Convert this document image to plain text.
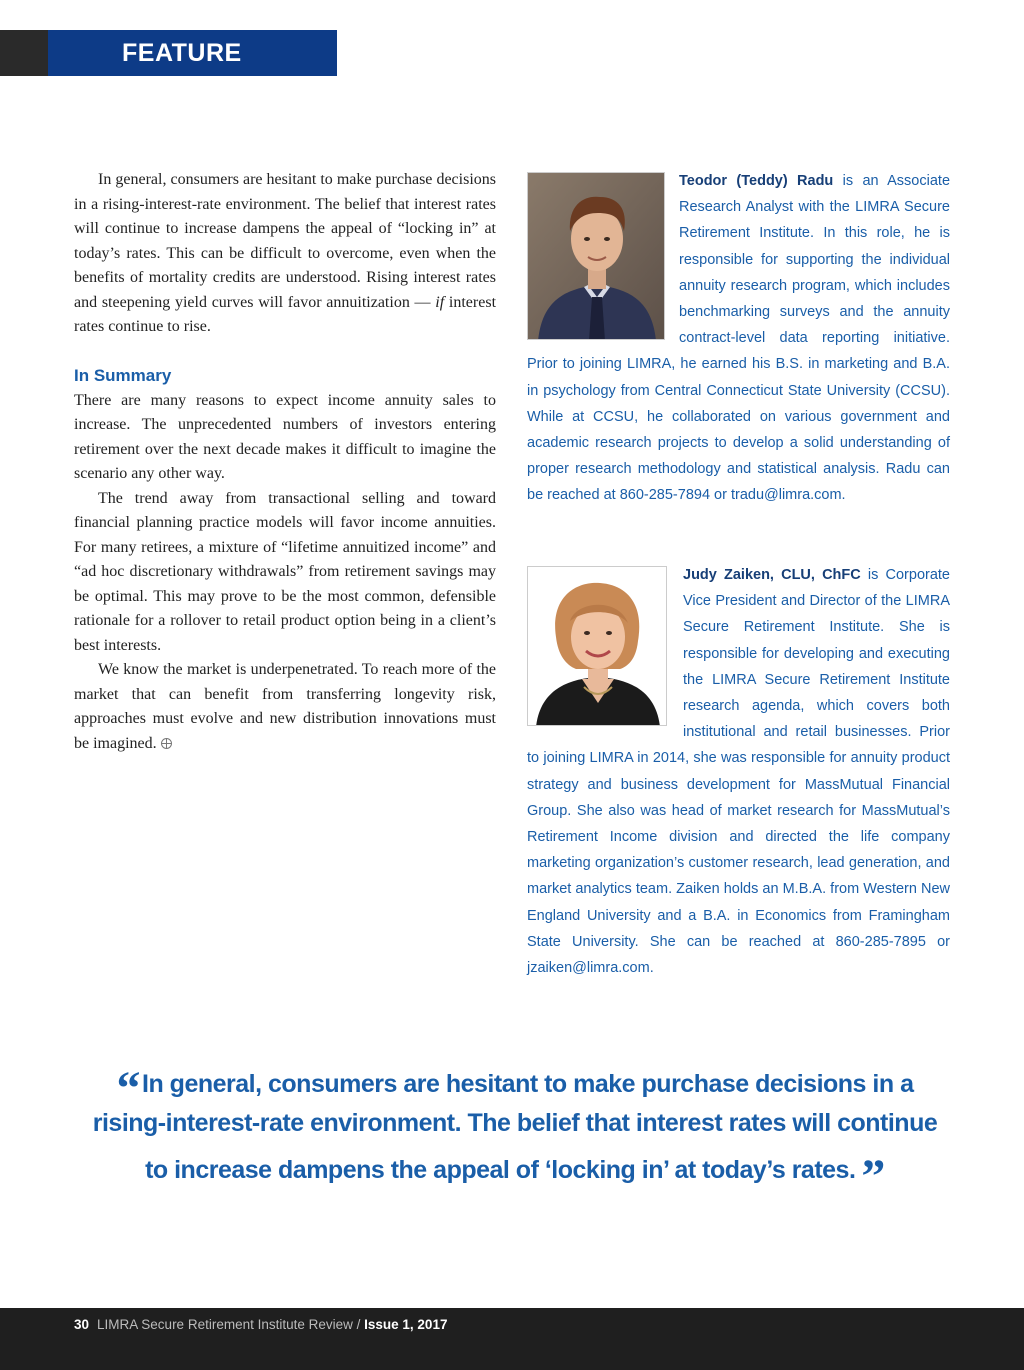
FEATURE

In general, consumers are hesitant to make purchase decisions in a rising-interest-rate environment. The belief that interest rates will continue to increase dampens the appeal of “locking in” at today’s rates. This can be difficult to overcome, even when the benefits of mortality credits are understood. Rising interest rates and steepening yield curves will favor annuitization — if interest rates continue to rise.

In Summary

There are many reasons to expect income annuity sales to increase. The unprecedented numbers of investors entering retirement over the next decade makes it difficult to imagine the scenario any other way.

The trend away from transactional selling and toward financial planning practice models will favor income annuities. For many retirees, a mixture of “lifetime annuitized income” and “ad hoc discretionary withdrawals” from retirement savings may be optimal. This may prove to be the most common, defensible rationale for a rollover to retail product option being in a client’s best interests.

We know the market is underpenetrated. To reach more of the market that can benefit from transferring longevity risk, approaches must evolve and new distribution innovations must be imagined.

Teodor (Teddy) Radu is an Associate Research Analyst with the LIMRA Secure Retirement Institute. In this role, he is responsible for supporting the individual annuity research program, which includes benchmarking surveys and the annuity contract-level data reporting initiative. Prior to joining LIMRA, he earned his B.S. in marketing and B.A. in psychology from Central Connecticut State University (CCSU). While at CCSU, he collaborated on various government and academic research projects to develop a solid understanding of proper research methodology and statistical analysis. Radu can be reached at 860-285-7894 or tradu@limra.com.
Judy Zaiken, CLU, ChFC is Corporate Vice President and Director of the LIMRA Secure Retirement Institute. She is responsible for developing and executing the LIMRA Secure Retirement Institute research agenda, which covers both institutional and retail businesses. Prior to joining LIMRA in 2014, she was responsible for annuity product strategy and business development for MassMutual Financial Group. She also was head of market research for MassMutual’s Retirement Income division and directed the life company marketing organization’s customer research, lead generation, and market analytics team. Zaiken holds an M.B.A. from Western New England University and a B.A. in Economics from Framingham State University. She can be reached at 860-285-7895 or jzaiken@limra.com.
“In general, consumers are hesitant to make purchase decisions in a rising-interest-rate environment. The belief that interest rates will continue to increase dampens the appeal of ‘locking in’ at today’s rates. ”
30 LIMRA Secure Retirement Institute Review / Issue 1, 2017
